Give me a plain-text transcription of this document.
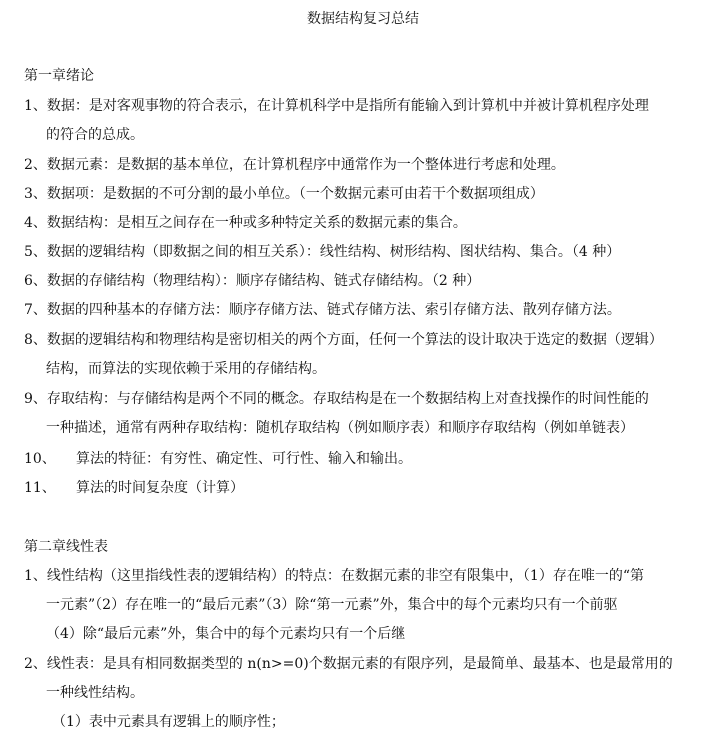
数据结构复习总结
第一章绪论
1、数据：是对客观事物的符合表示，在计算机科学中是指所有能输入到计算机中并被计算机程序处理
的符合的总成。
2、数据元素：是数据的基本单位，在计算机程序中通常作为一个整体进行考虑和处理。
3、数据项：是数据的不可分割的最小单位。（一个数据元素可由若干个数据项组成）
4、数据结构：是相互之间存在一种或多种特定关系的数据元素的集合。
5、数据的逻辑结构（即数据之间的相互关系）：线性结构、树形结构、图状结构、集合。（4 种）
6、数据的存储结构（物理结构）：顺序存储结构、链式存储结构。（2 种）
7、数据的四种基本的存储方法：顺序存储方法、链式存储方法、索引存储方法、散列存储方法。
8、数据的逻辑结构和物理结构是密切相关的两个方面，任何一个算法的设计取决于选定的数据（逻辑）
结构，而算法的实现依赖于采用的存储结构。
9、存取结构：与存储结构是两个不同的概念。存取结构是在一个数据结构上对查找操作的时间性能的
一种描述，通常有两种存取结构：随机存取结构（例如顺序表）和顺序存取结构（例如单链表）
10、 算法的特征：有穷性、确定性、可行性、输入和输出。
11、 算法的时间复杂度（计算）
第二章线性表
1、线性结构（这里指线性表的逻辑结构）的特点：在数据元素的非空有限集中，（1）存在唯一的“第
一元素”（2）存在唯一的“最后元素”（3）除“第一元素”外，集合中的每个元素均只有一个前驱
（4）除“最后元素”外，集合中的每个元素均只有一个后继
2、线性表：是具有相同数据类型的 n(n>=0)个数据元素的有限序列，是最简单、最基本、也是最常用的
一种线性结构。
（1）表中元素具有逻辑上的顺序性；
